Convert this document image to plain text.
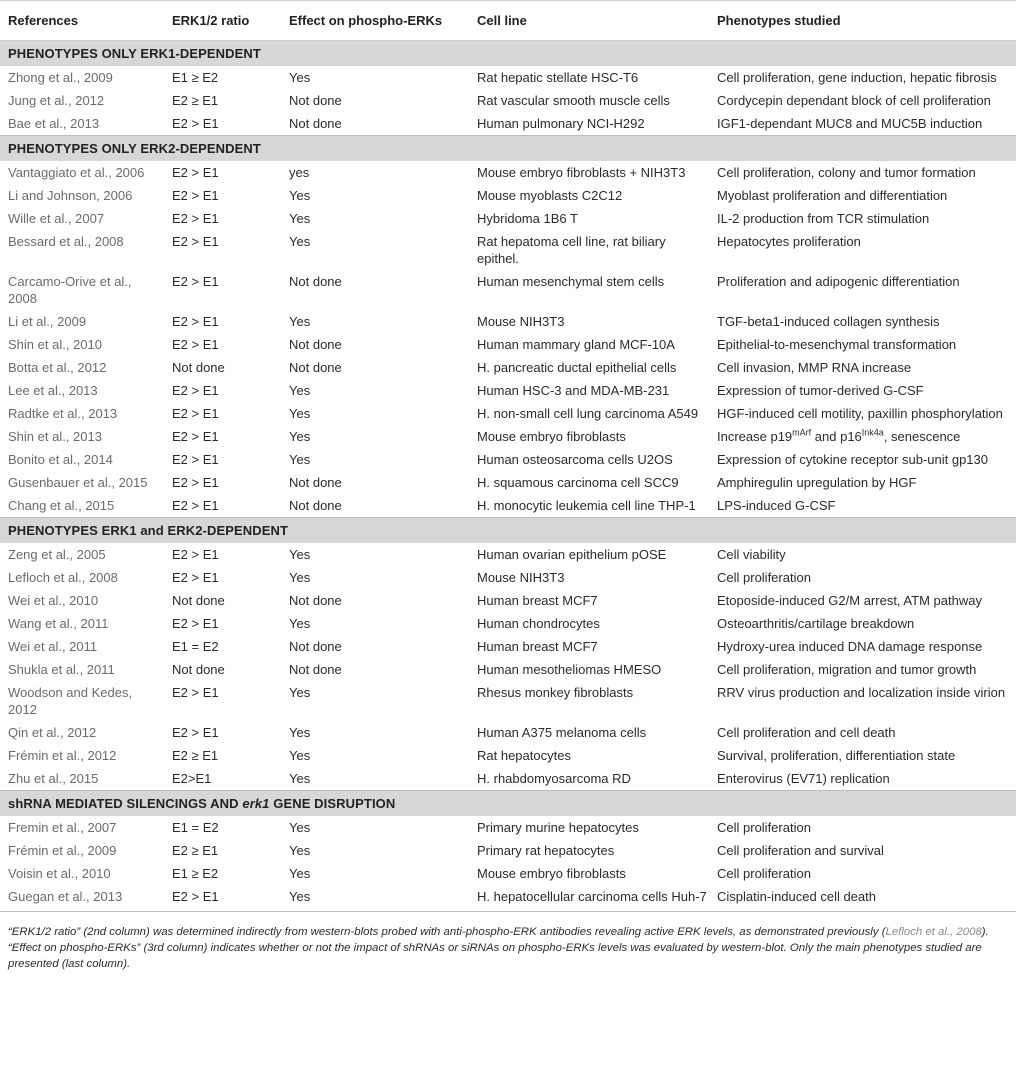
References	ERK1/2 ratio	Effect on phospho-ERKs	Cell line	Phenotypes studied
PHENOTYPES ONLY ERK1-DEPENDENT				
Zhong et al., 2009	E1 ≥ E2	Yes	Rat hepatic stellate HSC-T6	Cell proliferation, gene induction, hepatic fibrosis
Jung et al., 2012	E2 ≥ E1	Not done	Rat vascular smooth muscle cells	Cordycepin dependant block of cell proliferation
Bae et al., 2013	E2 > E1	Not done	Human pulmonary NCI-H292	IGF1-dependant MUC8 and MUC5B induction
PHENOTYPES ONLY ERK2-DEPENDENT				
Vantaggiato et al., 2006	E2 > E1	yes	Mouse embryo fibroblasts + NIH3T3	Cell proliferation, colony and tumor formation
Li and Johnson, 2006	E2 > E1	Yes	Mouse myoblasts C2C12	Myoblast proliferation and differentiation
Wille et al., 2007	E2 > E1	Yes	Hybridoma 1B6 T	IL-2 production from TCR stimulation
Bessard et al., 2008	E2 > E1	Yes	Rat hepatoma cell line, rat biliary epithel.	Hepatocytes proliferation
Carcamo-Orive et al., 2008	E2 > E1	Not done	Human mesenchymal stem cells	Proliferation and adipogenic differentiation
Li et al., 2009	E2 > E1	Yes	Mouse NIH3T3	TGF-beta1-induced collagen synthesis
Shin et al., 2010	E2 > E1	Not done	Human mammary gland MCF-10A	Epithelial-to-mesenchymal transformation
Botta et al., 2012	Not done	Not done	H. pancreatic ductal epithelial cells	Cell invasion, MMP RNA increase
Lee et al., 2013	E2 > E1	Yes	Human HSC-3 and MDA-MB-231	Expression of tumor-derived G-CSF
Radtke et al., 2013	E2 > E1	Yes	H. non-small cell lung carcinoma A549	HGF-induced cell motility, paxillin phosphorylation
Shin et al., 2013	E2 > E1	Yes	Mouse embryo fibroblasts	Increase $p19^{mArf}$ and $p16^{Ink4a}$, senescence
Bonito et al., 2014	E2 > E1	Yes	Human osteosarcoma cells U2OS	Expression of cytokine receptor sub-unit gp130
Gusenbauer et al., 2015	E2 > E1	Not done	H. squamous carcinoma cell SCC9	Amphiregulin upregulation by HGF
Chang et al., 2015	E2 > E1	Not done	H. monocytic leukemia cell line THP-1	LPS-induced G-CSF
PHENOTYPES ERK1 and ERK2-DEPENDENT				
Zeng et al., 2005	E2 > E1	Yes	Human ovarian epithelium pOSE	Cell viability
Lefloch et al., 2008	E2 > E1	Yes	Mouse NIH3T3	Cell proliferation
Wei et al., 2010	Not done	Not done	Human breast MCF7	Etoposide-induced G2/M arrest, ATM pathway
Wang et al., 2011	E2 > E1	Yes	Human chondrocytes	Osteoarthritis/cartilage breakdown
Wei et al., 2011	E1 = E2	Not done	Human breast MCF7	Hydroxy-urea induced DNA damage response
Shukla et al., 2011	Not done	Not done	Human mesotheliomas HMESO	Cell proliferation, migration and tumor growth
Woodson and Kedes, 2012	E2 > E1	Yes	Rhesus monkey fibroblasts	RRV virus production and localization inside virion
Qin et al., 2012	E2 > E1	Yes	Human A375 melanoma cells	Cell proliferation and cell death
Frémin et al., 2012	E2 ≥ E1	Yes	Rat hepatocytes	Survival, proliferation, differentiation state
Zhu et al., 2015	E2>E1	Yes	H. rhabdomyosarcoma RD	Enterovirus (EV71) replication
shRNA MEDIATED SILENCINGS AND erk1 GENE DISRUPTION				
Fremin et al., 2007	E1 = E2	Yes	Primary murine hepatocytes	Cell proliferation
Frémin et al., 2009	E2 ≥ E1	Yes	Primary rat hepatocytes	Cell proliferation and survival
Voisin et al., 2010	E1 ≥ E2	Yes	Mouse embryo fibroblasts	Cell proliferation
Guegan et al., 2013	E2 > E1	Yes	H. hepatocellular carcinoma cells Huh-7	Cisplatin-induced cell death
“ERK1/2 ratio” (2nd column) was determined indirectly from western-blots probed with anti-phospho-ERK antibodies revealing active ERK levels, as demonstrated previously (Lefloch et al., 2008). “Effect on phospho-ERKs” (3rd column) indicates whether or not the impact of shRNAs or siRNAs on phospho-ERKs levels was evaluated by western-blot. Only the main phenotypes studied are presented (last column).
